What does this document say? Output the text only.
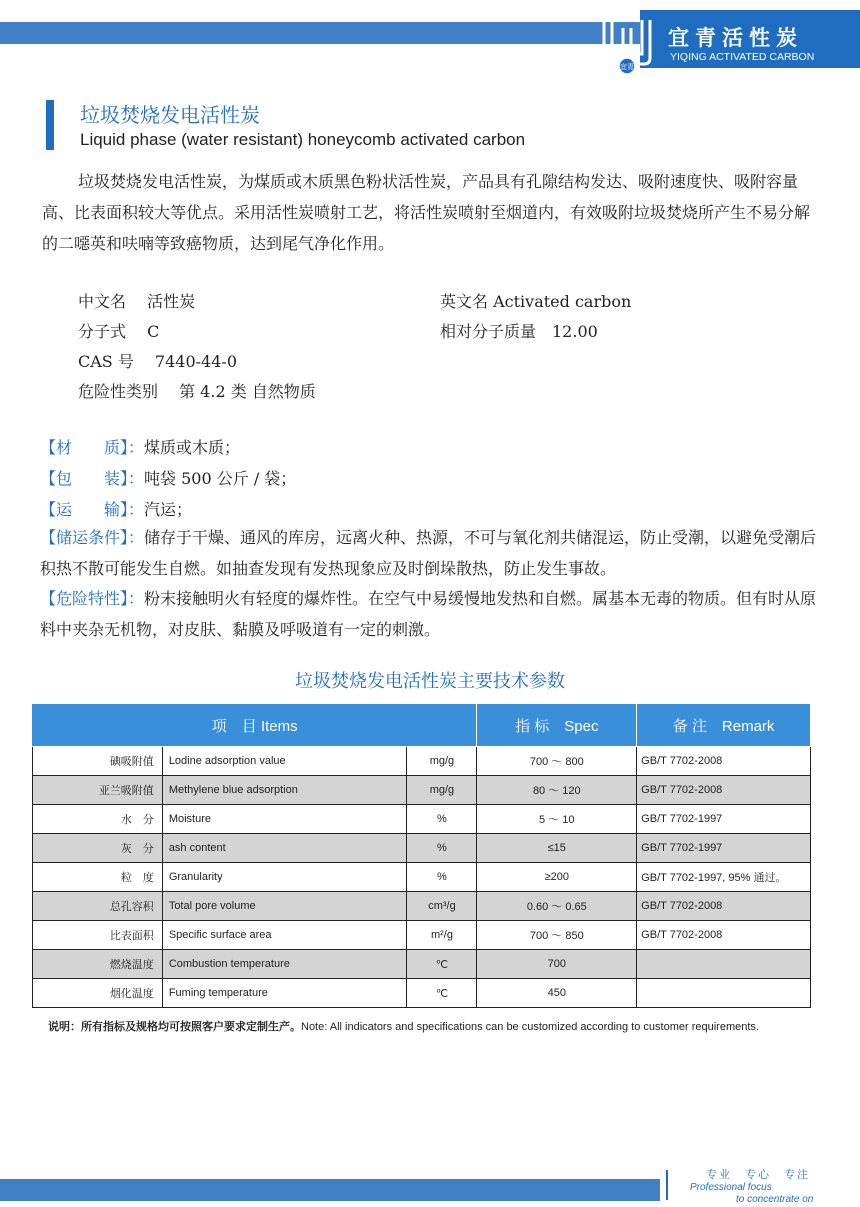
宜青
宜青活性炭
YIQING ACTIVATED CARBON
垃圾焚烧发电活性炭
Liquid phase (water resistant) honeycomb activated carbon

垃圾焚烧发电活性炭，为煤质或木质黑色粉状活性炭，产品具有孔隙结构发达、吸附速度快、吸附容量高、比表面积较大等优点。采用活性炭喷射工艺，将活性炭喷射至烟道内，有效吸附垃圾焚烧所产生不易分解的二噁英和呋喃等致癌物质，达到尾气净化作用。

中文名　 活性炭	英文名 Activated carbon
分子式　 C	相对分子质量　12.00
CAS 号　 7440-44-0
危险性类别　 第 4.2 类 自然物质

【材　　质】：煤质或木质；

【包　　装】：吨袋 500 公斤 / 袋；

【运　　输】：汽运；

【储运条件】：储存于干燥、通风的库房，远离火种、热源，不可与氧化剂共储混运，防止受潮，以避免受潮后积热不散可能发生自燃。如抽查发现有发热现象应及时倒垛散热，防止发生事故。

【危险特性】：粉末接触明火有轻度的爆炸性。在空气中易缓慢地发热和自燃。属基本无毒的物质。但有时从原料中夹杂无机物，对皮肤、黏膜及呼吸道有一定的刺激。

垃圾焚烧发电活性炭主要技术参数
项　目 Items			指 标　Spec	备 注　Remark
碘吸附值	Lodine adsorption value	mg/g	700 ～ 800	GB/T 7702-2008
亚兰吸附值	Methylene blue adsorption	mg/g	80 ～ 120	GB/T 7702-2008
水　分	Moisture	%	5 ～ 10	GB/T 7702-1997
灰　分	ash content	%	≤15	GB/T 7702-1997
粒　度	Granularity	%	≥200	GB/T 7702-1997, 95% 通过。
总孔容积	Total pore volume	cm³/g	0.60 ～ 0.65	GB/T 7702-2008
比表面积	Specific surface area	m²/g	700 ～ 850	GB/T 7702-2008
燃烧温度	Combustion temperature	℃	700	
烟化温度	Fuming temperature	℃	450	
说明：所有指标及规格均可按照客户要求定制生产。Note: All indicators and specifications can be customized according to customer requirements.
专业　专心　专注
Professional focus
to concentrate on
